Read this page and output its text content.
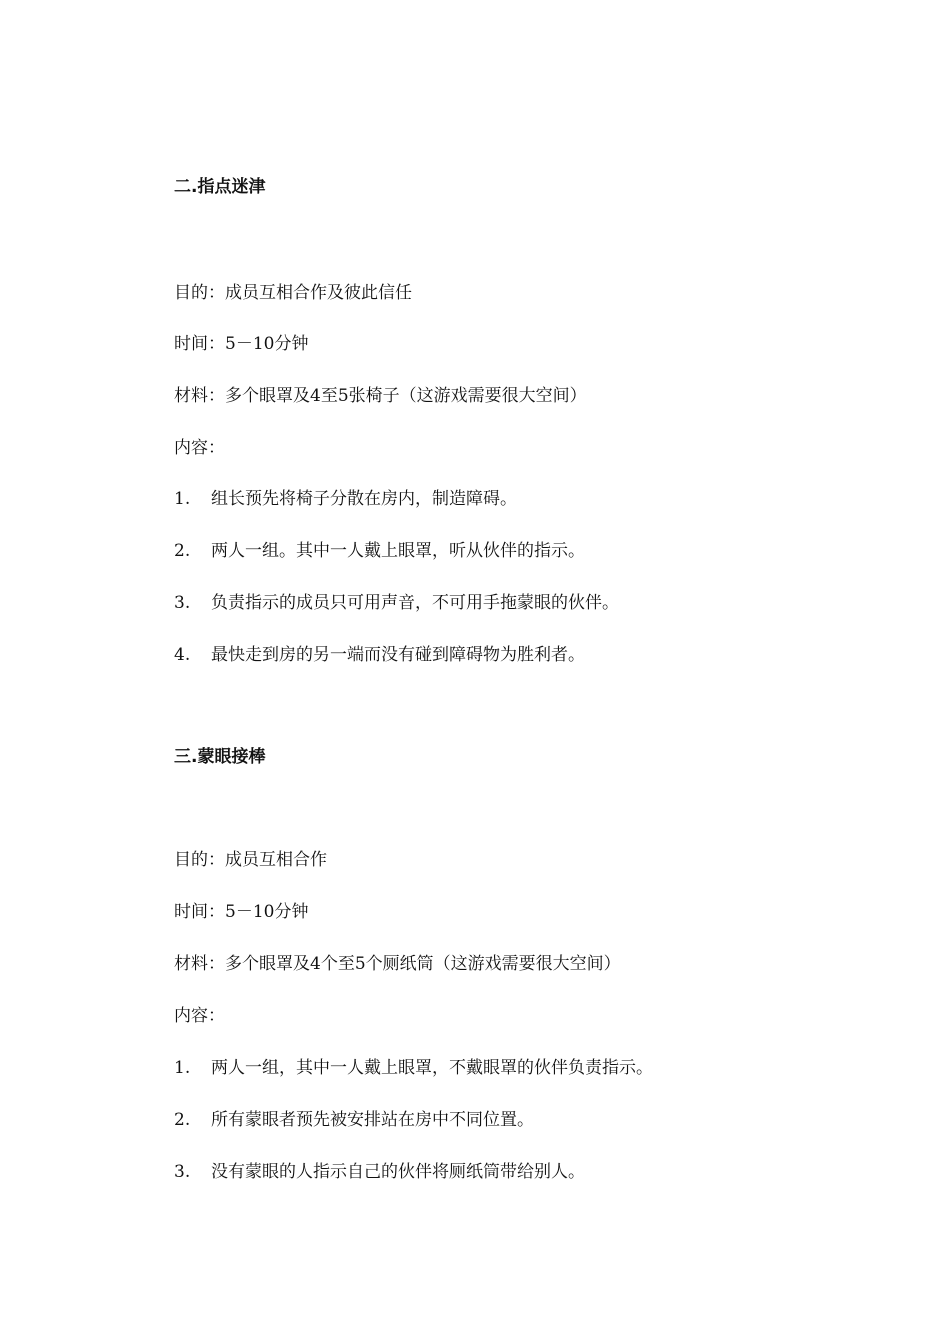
二.指点迷津
目的：成员互相合作及彼此信任
时间：5－10分钟
材料：多个眼罩及4至5张椅子（这游戏需要很大空间）
内容：
1. 组长预先将椅子分散在房内，制造障碍。
2. 两人一组。其中一人戴上眼罩，听从伙伴的指示。
3. 负责指示的成员只可用声音，不可用手拖蒙眼的伙伴。
4. 最快走到房的另一端而没有碰到障碍物为胜利者。
三.蒙眼接棒
目的：成员互相合作
时间：5－10分钟
材料：多个眼罩及4个至5个厕纸筒（这游戏需要很大空间）
内容：
1. 两人一组，其中一人戴上眼罩，不戴眼罩的伙伴负责指示。
2. 所有蒙眼者预先被安排站在房中不同位置。
3. 没有蒙眼的人指示自己的伙伴将厕纸筒带给别人。
